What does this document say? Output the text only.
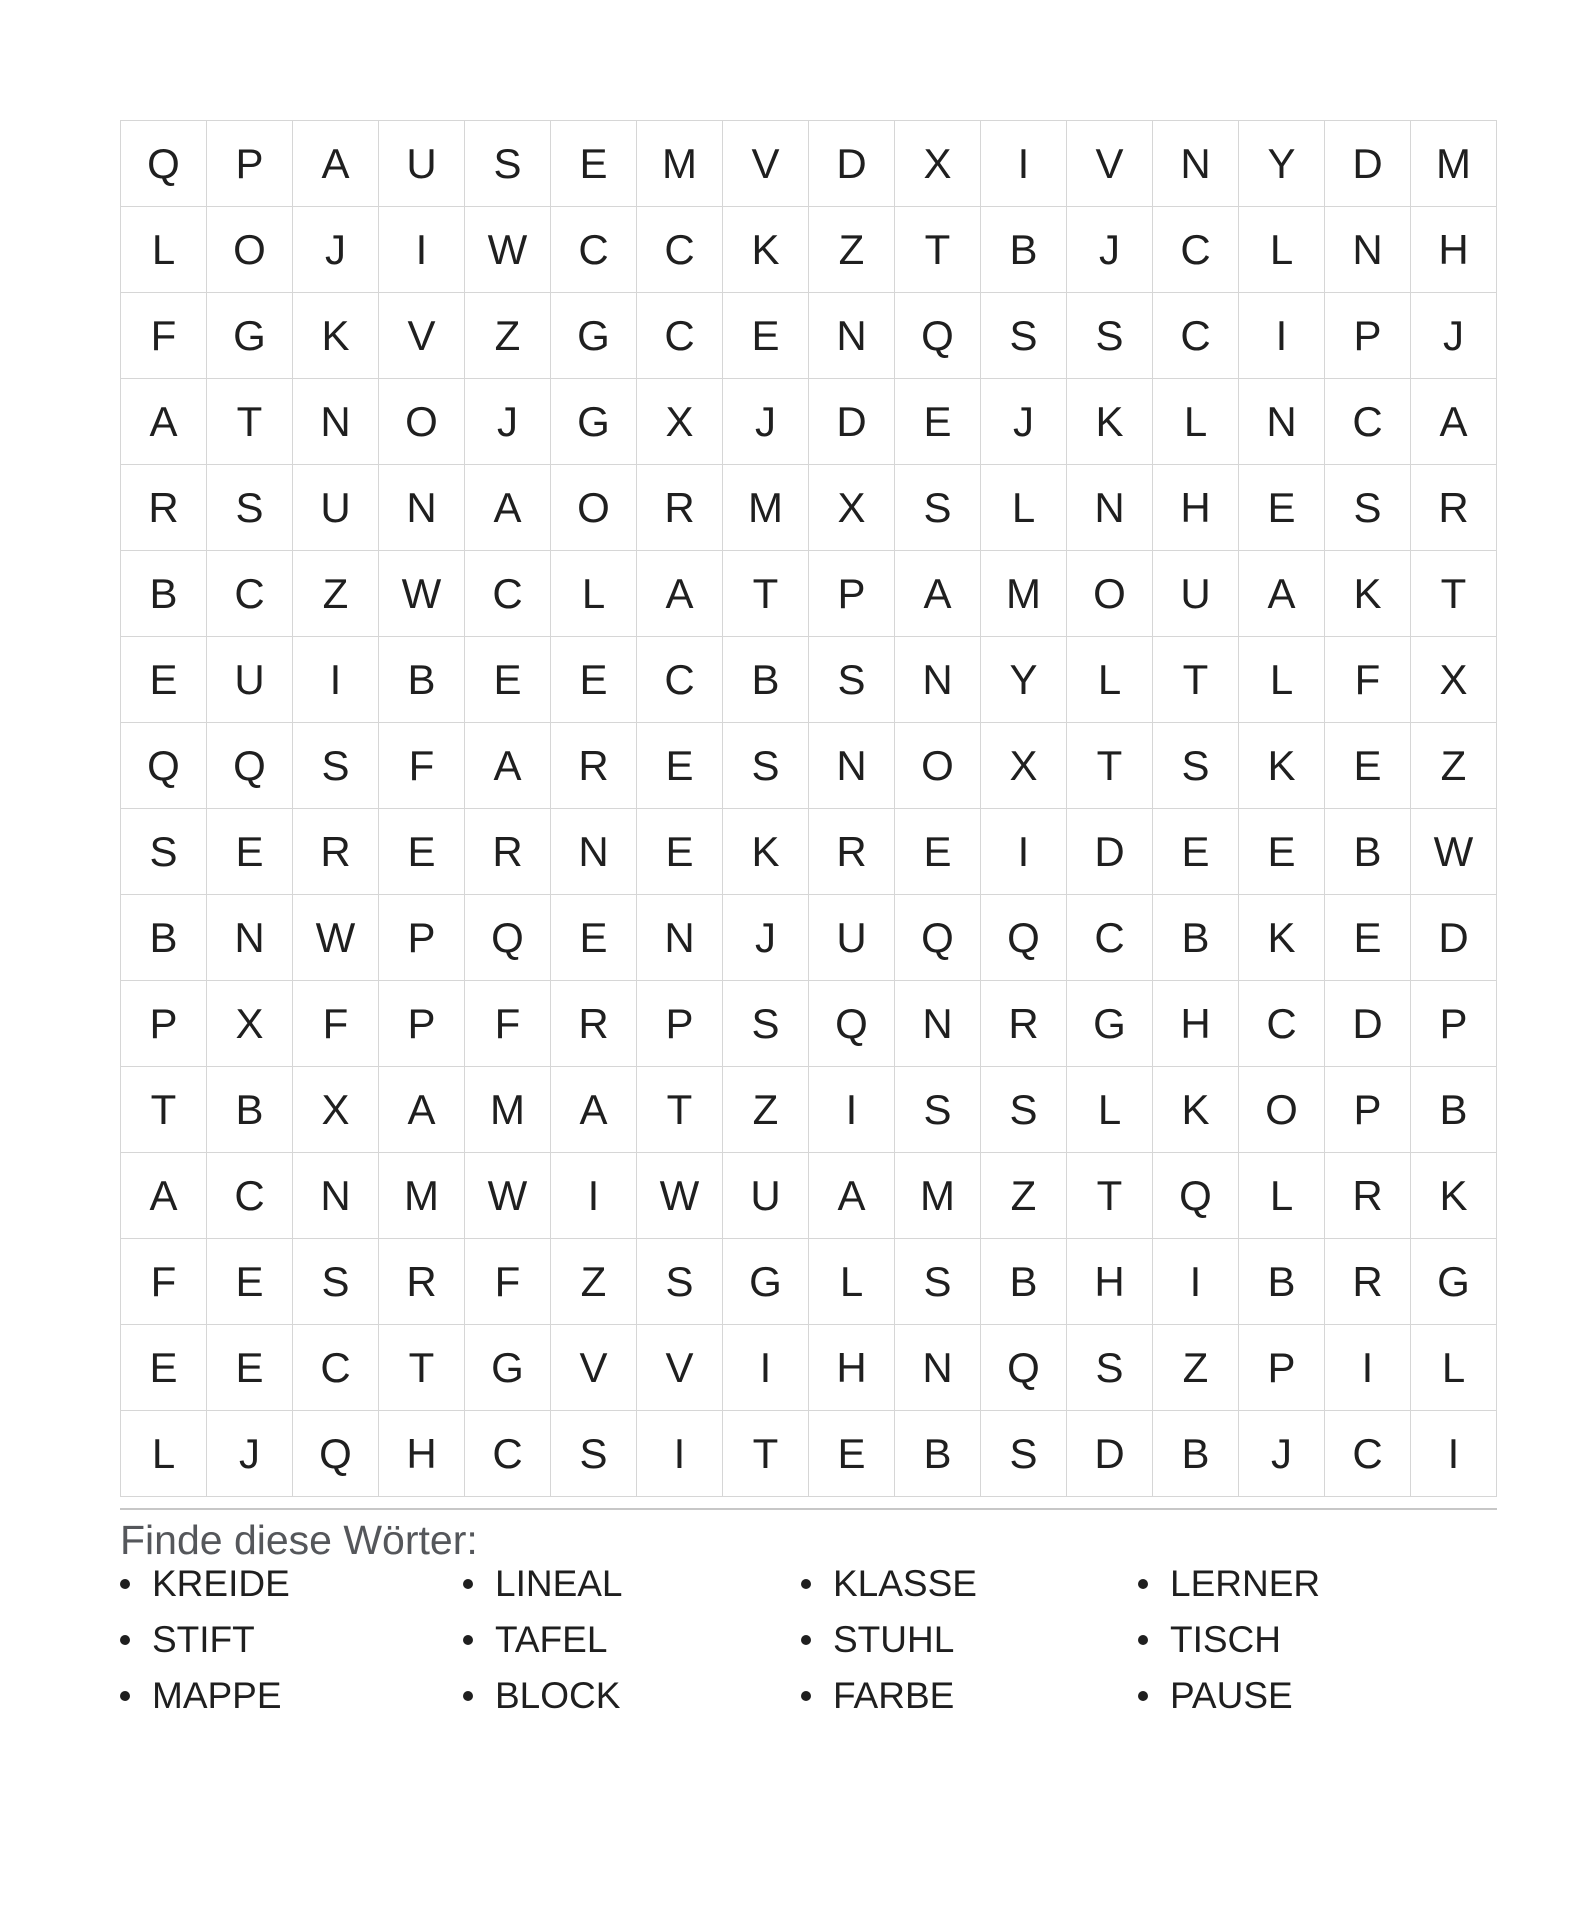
Q	P	A	U	S	E	M	V	D	X	I	V	N	Y	D	M
L	O	J	I	W	C	C	K	Z	T	B	J	C	L	N	H
F	G	K	V	Z	G	C	E	N	Q	S	S	C	I	P	J
A	T	N	O	J	G	X	J	D	E	J	K	L	N	C	A
R	S	U	N	A	O	R	M	X	S	L	N	H	E	S	R
B	C	Z	W	C	L	A	T	P	A	M	O	U	A	K	T
E	U	I	B	E	E	C	B	S	N	Y	L	T	L	F	X
Q	Q	S	F	A	R	E	S	N	O	X	T	S	K	E	Z
S	E	R	E	R	N	E	K	R	E	I	D	E	E	B	W
B	N	W	P	Q	E	N	J	U	Q	Q	C	B	K	E	D
P	X	F	P	F	R	P	S	Q	N	R	G	H	C	D	P
T	B	X	A	M	A	T	Z	I	S	S	L	K	O	P	B
A	C	N	M	W	I	W	U	A	M	Z	T	Q	L	R	K
F	E	S	R	F	Z	S	G	L	S	B	H	I	B	R	G
E	E	C	T	G	V	V	I	H	N	Q	S	Z	P	I	L
L	J	Q	H	C	S	I	T	E	B	S	D	B	J	C	I
Finde diese Wörter:
KREIDE
STIFT
MAPPE
LINEAL
TAFEL
BLOCK
KLASSE
STUHL
FARBE
LERNER
TISCH
PAUSE
